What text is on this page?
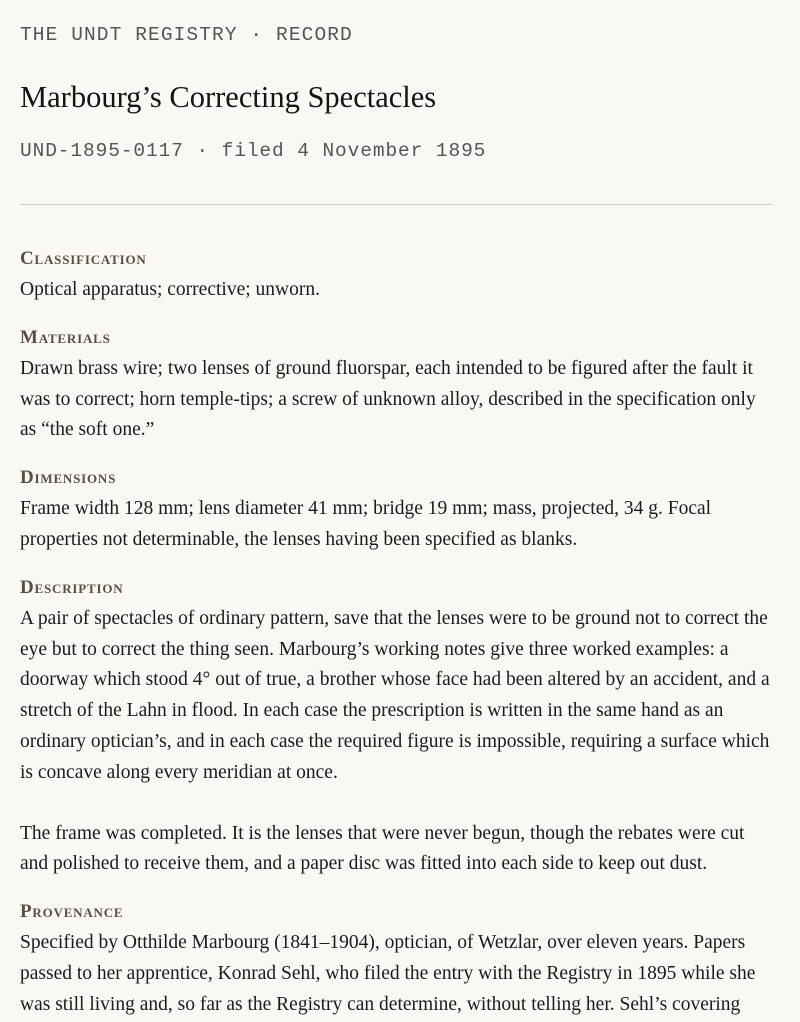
THE UNDT REGISTRY · RECORD

Marbourg’s Correcting Spectacles

UND-1895-0117 · filed 4 November 1895

Classification

Optical apparatus; corrective; unworn.

Materials

Drawn brass wire; two lenses of ground fluorspar, each intended to be figured after the fault it was to correct; horn temple-tips; a screw of unknown alloy, described in the specification only as “the soft one.”

Dimensions

Frame width 128 mm; lens diameter 41 mm; bridge 19 mm; mass, projected, 34 g. Focal properties not determinable, the lenses having been specified as blanks.

Description

A pair of spectacles of ordinary pattern, save that the lenses were to be ground not to correct the eye but to correct the thing seen. Marbourg’s working notes give three worked examples: a doorway which stood 4° out of true, a brother whose face had been altered by an accident, and a stretch of the Lahn in flood. In each case the prescription is written in the same hand as an ordinary optician’s, and in each case the required figure is impossible, requiring a surface which is concave along every meridian at once.

The frame was completed. It is the lenses that were never begun, though the rebates were cut and polished to receive them, and a paper disc was fitted into each side to keep out dust.

Provenance

Specified by Otthilde Marbourg (1841–1904), optician, of Wetzlar, over eleven years. Papers passed to her apprentice, Konrad Sehl, who filed the entry with the Registry in 1895 while she was still living and, so far as the Registry can determine, without telling her. Sehl’s covering
